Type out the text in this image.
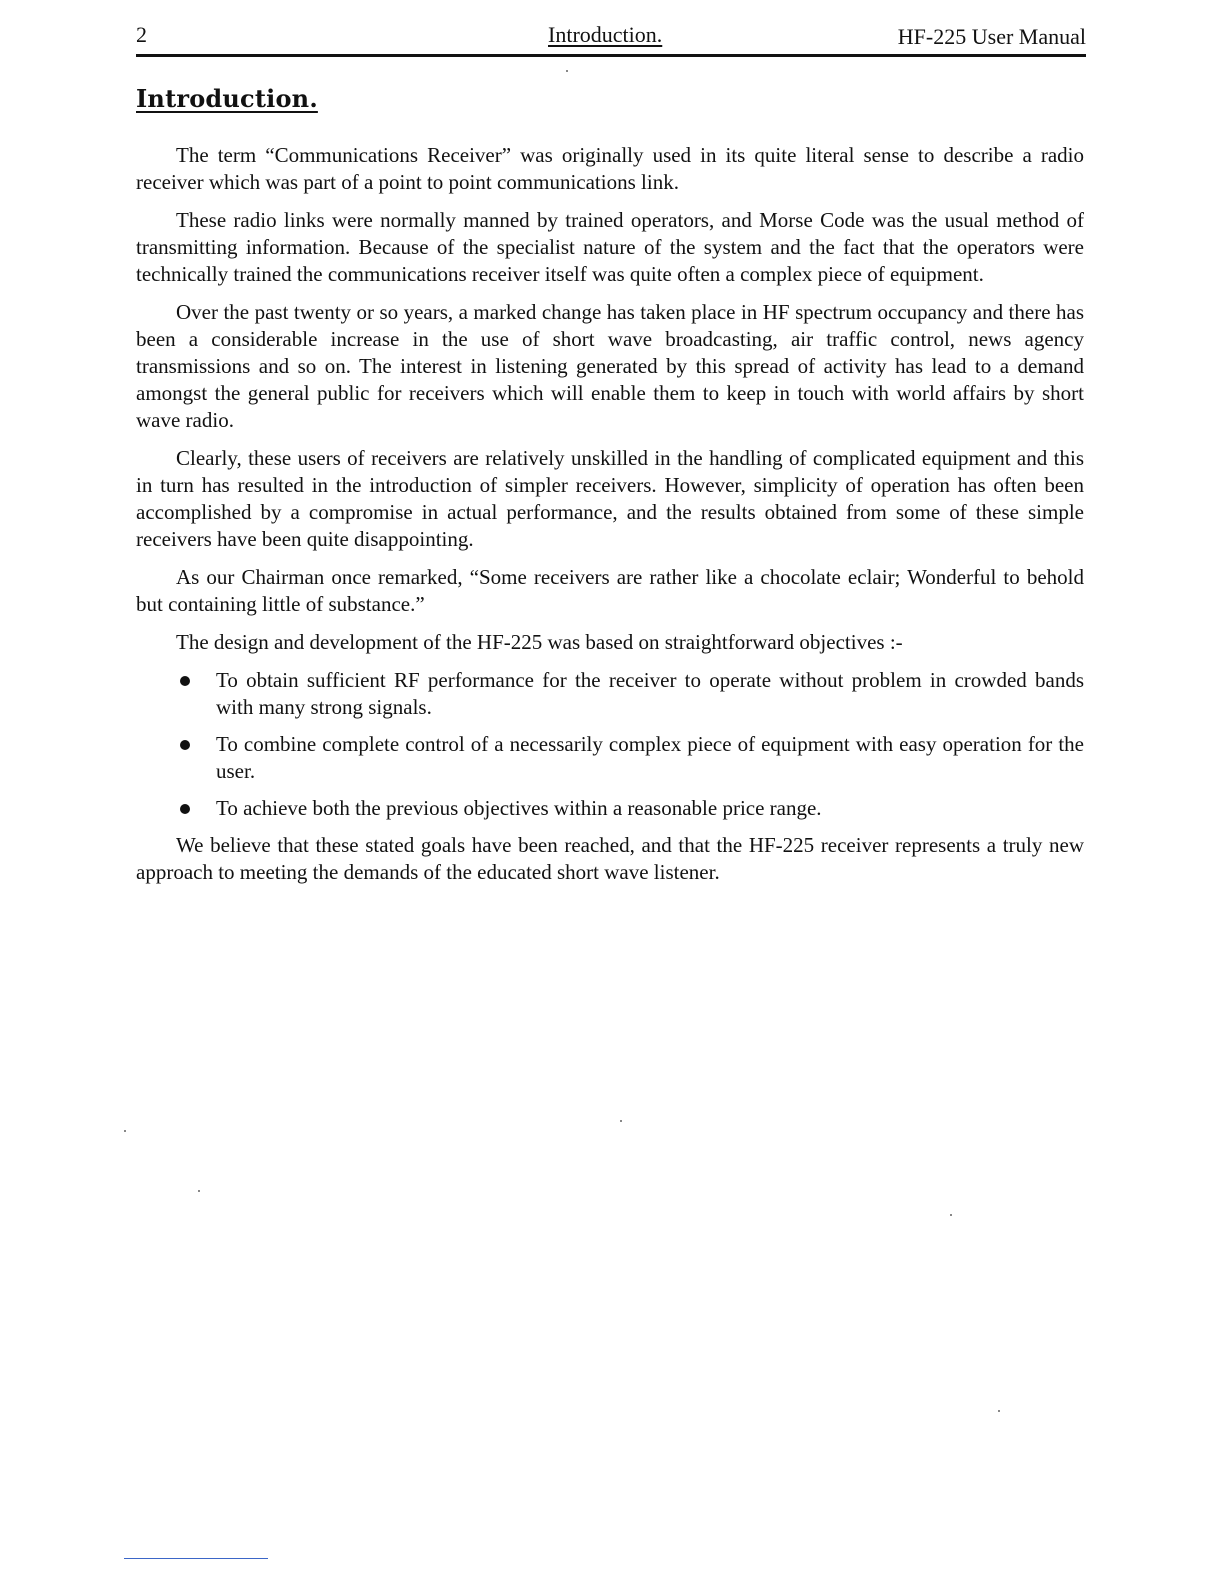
2	Introduction.	HF-225 User Manual
Introduction.

The term “Communications Receiver” was originally used in its quite literal sense to describe a radio receiver which was part of a point to point communications link.

These radio links were normally manned by trained operators, and Morse Code was the usual method of transmitting information. Because of the specialist nature of the system and the fact that the operators were technically trained the communications receiver itself was quite often a complex piece of equipment.

Over the past twenty or so years, a marked change has taken place in HF spectrum occupancy and there has been a considerable increase in the use of short wave broadcasting, air traffic control, news agency transmissions and so on. The interest in listening generated by this spread of activity has lead to a demand amongst the general public for receivers which will enable them to keep in touch with world affairs by short wave radio.

Clearly, these users of receivers are relatively unskilled in the handling of complicated equipment and this in turn has resulted in the introduction of simpler receivers. However, simplicity of operation has often been accomplished by a compromise in actual performance, and the results obtained from some of these simple receivers have been quite disappointing.

As our Chairman once remarked, “Some receivers are rather like a chocolate eclair; Wonderful to behold but containing little of substance.”

The design and development of the HF-225 was based on straightforward objectives :-

To obtain sufficient RF performance for the receiver to operate without problem in crowded bands with many strong signals.
To combine complete control of a necessarily complex piece of equipment with easy operation for the user.
To achieve both the previous objectives within a reasonable price range.

We believe that these stated goals have been reached, and that the HF-225 receiver represents a truly new approach to meeting the demands of the educated short wave listener.
